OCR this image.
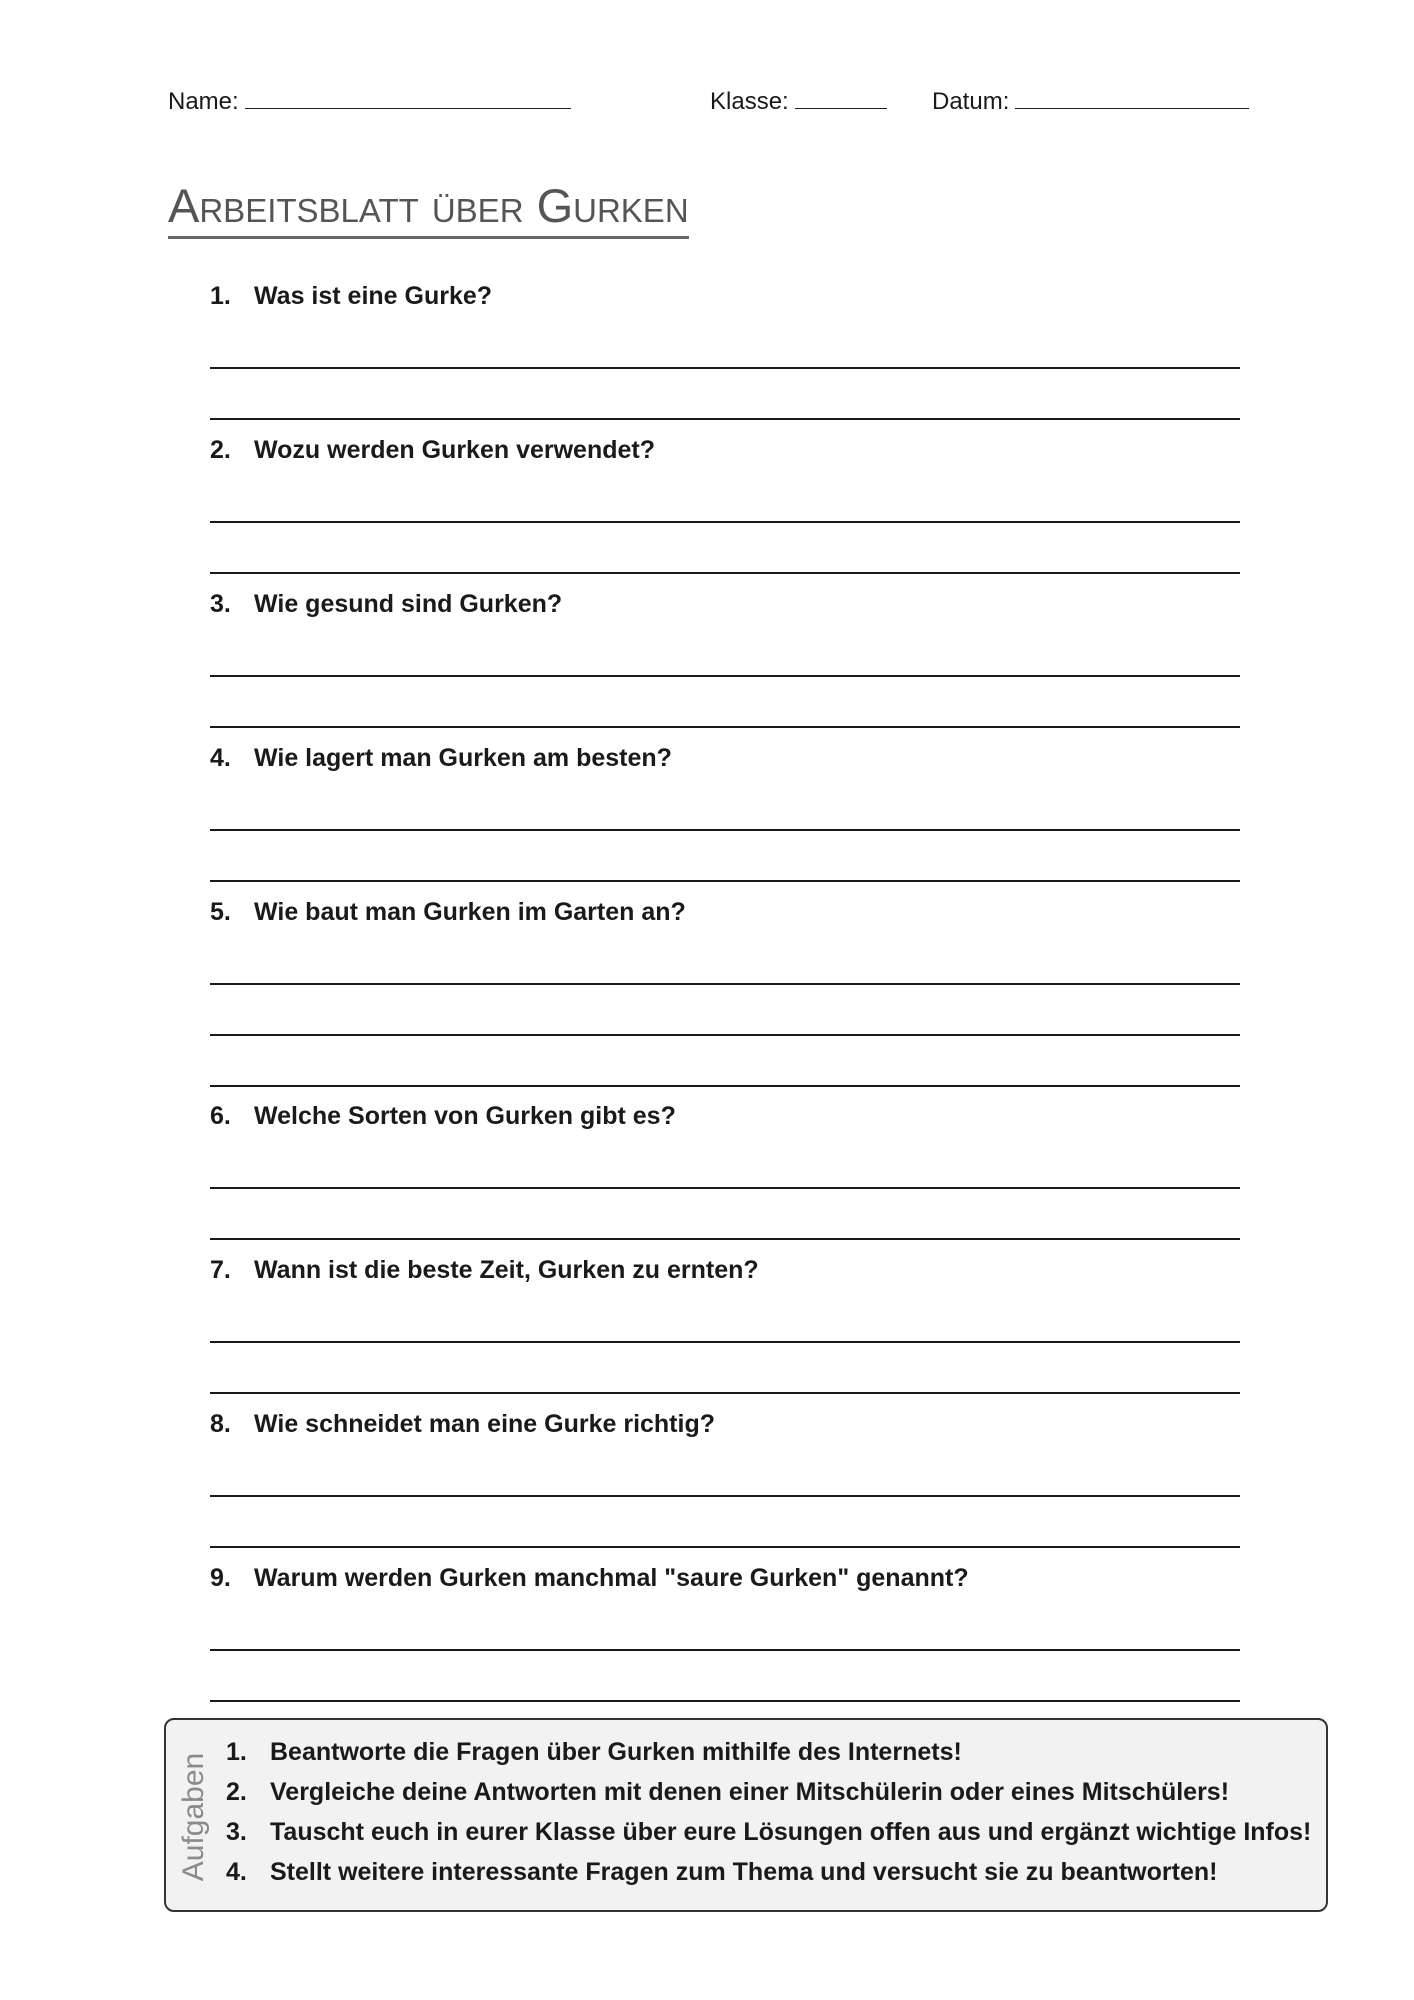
Name:	Klasse:	Datum:
Arbeitsblatt über Gurken
1. Was ist eine Gurke?
2. Wozu werden Gurken verwendet?
3. Wie gesund sind Gurken?
4. Wie lagert man Gurken am besten?
5. Wie baut man Gurken im Garten an?
6. Welche Sorten von Gurken gibt es?
7. Wann ist die beste Zeit, Gurken zu ernten?
8. Wie schneidet man eine Gurke richtig?
9. Warum werden Gurken manchmal "saure Gurken" genannt?
Aufgaben
1. Beantworte die Fragen über Gurken mithilfe des Internets!
2. Vergleiche deine Antworten mit denen einer Mitschülerin oder eines Mitschülers!
3. Tauscht euch in eurer Klasse über eure Lösungen offen aus und ergänzt wichtige Infos!
4. Stellt weitere interessante Fragen zum Thema und versucht sie zu beantworten!
